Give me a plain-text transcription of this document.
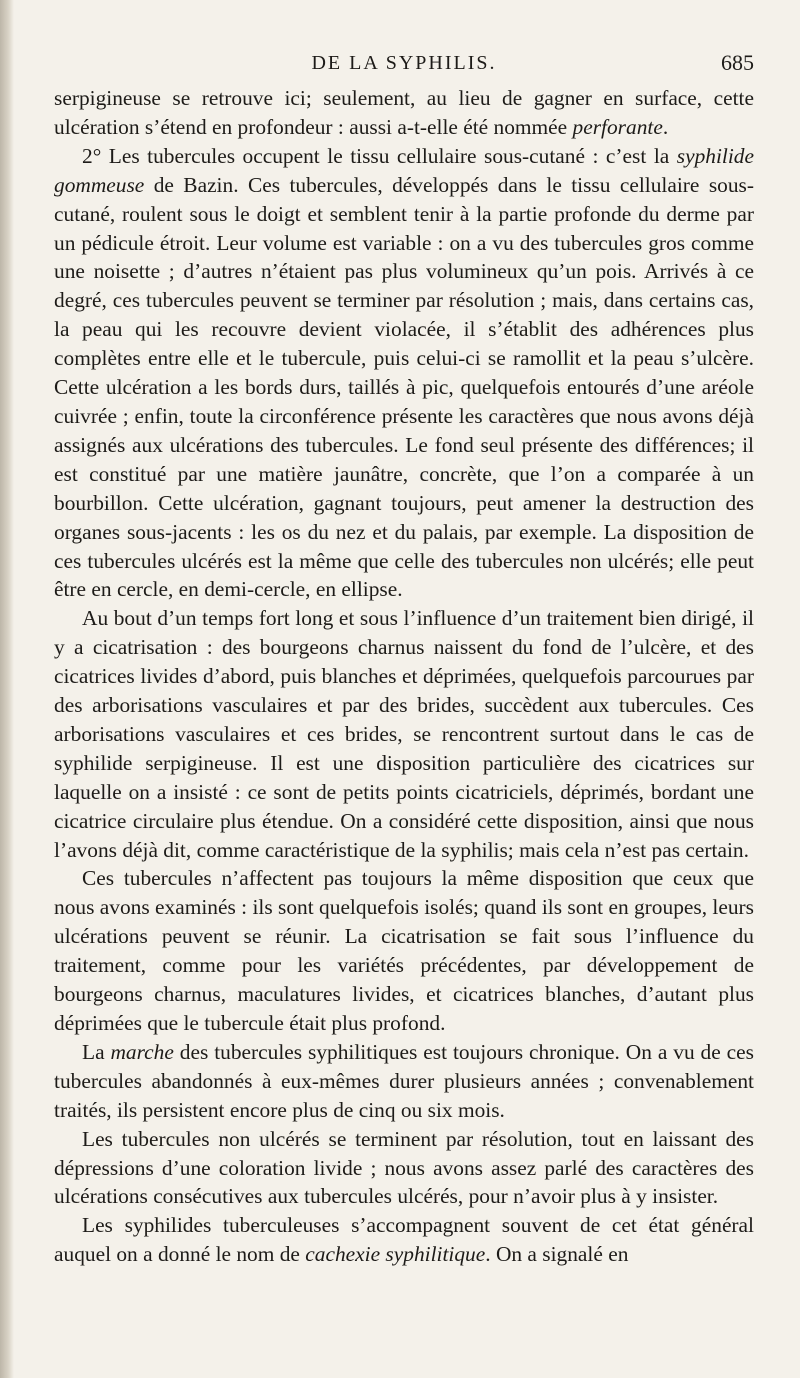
DE LA SYPHILIS.	685

serpigineuse se retrouve ici; seulement, au lieu de gagner en surface, cette ulcération s’étend en profondeur : aussi a-t-elle été nommée perforante.

2° Les tubercules occupent le tissu cellulaire sous-cutané : c’est la syphilide gommeuse de Bazin. Ces tubercules, développés dans le tissu cellulaire sous-cutané, roulent sous le doigt et semblent tenir à la partie profonde du derme par un pédicule étroit. Leur volume est variable : on a vu des tubercules gros comme une noisette ; d’autres n’étaient pas plus volumineux qu’un pois. Arrivés à ce degré, ces tubercules peuvent se terminer par résolution ; mais, dans certains cas, la peau qui les recouvre devient violacée, il s’établit des adhérences plus complètes entre elle et le tubercule, puis celui-ci se ramollit et la peau s’ulcère. Cette ulcération a les bords durs, taillés à pic, quelquefois entourés d’une aréole cuivrée ; enfin, toute la circonférence présente les caractères que nous avons déjà assignés aux ulcérations des tubercules. Le fond seul présente des différences; il est constitué par une matière jaunâtre, concrète, que l’on a comparée à un bourbillon. Cette ulcération, gagnant toujours, peut amener la destruction des organes sous-jacents : les os du nez et du palais, par exemple. La disposition de ces tubercules ulcérés est la même que celle des tubercules non ulcérés; elle peut être en cercle, en demi-cercle, en ellipse.

Au bout d’un temps fort long et sous l’influence d’un traitement bien dirigé, il y a cicatrisation : des bourgeons charnus naissent du fond de l’ulcère, et des cicatrices livides d’abord, puis blanches et déprimées, quelquefois parcourues par des arborisations vasculaires et par des brides, succèdent aux tubercules. Ces arborisations vasculaires et ces brides, se rencontrent surtout dans le cas de syphilide serpigineuse. Il est une disposition particulière des cicatrices sur laquelle on a insisté : ce sont de petits points cicatriciels, déprimés, bordant une cicatrice circulaire plus étendue. On a considéré cette disposition, ainsi que nous l’avons déjà dit, comme caractéristique de la syphilis; mais cela n’est pas certain.

Ces tubercules n’affectent pas toujours la même disposition que ceux que nous avons examinés : ils sont quelquefois isolés; quand ils sont en groupes, leurs ulcérations peuvent se réunir. La cicatrisation se fait sous l’influence du traitement, comme pour les variétés précédentes, par développement de bourgeons charnus, maculatures livides, et cicatrices blanches, d’autant plus déprimées que le tubercule était plus profond.

La marche des tubercules syphilitiques est toujours chronique. On a vu de ces tubercules abandonnés à eux-mêmes durer plusieurs années ; convenablement traités, ils persistent encore plus de cinq ou six mois.

Les tubercules non ulcérés se terminent par résolution, tout en laissant des dépressions d’une coloration livide ; nous avons assez parlé des caractères des ulcérations consécutives aux tubercules ulcérés, pour n’avoir plus à y insister.

Les syphilides tuberculeuses s’accompagnent souvent de cet état général auquel on a donné le nom de cachexie syphilitique. On a signalé en
